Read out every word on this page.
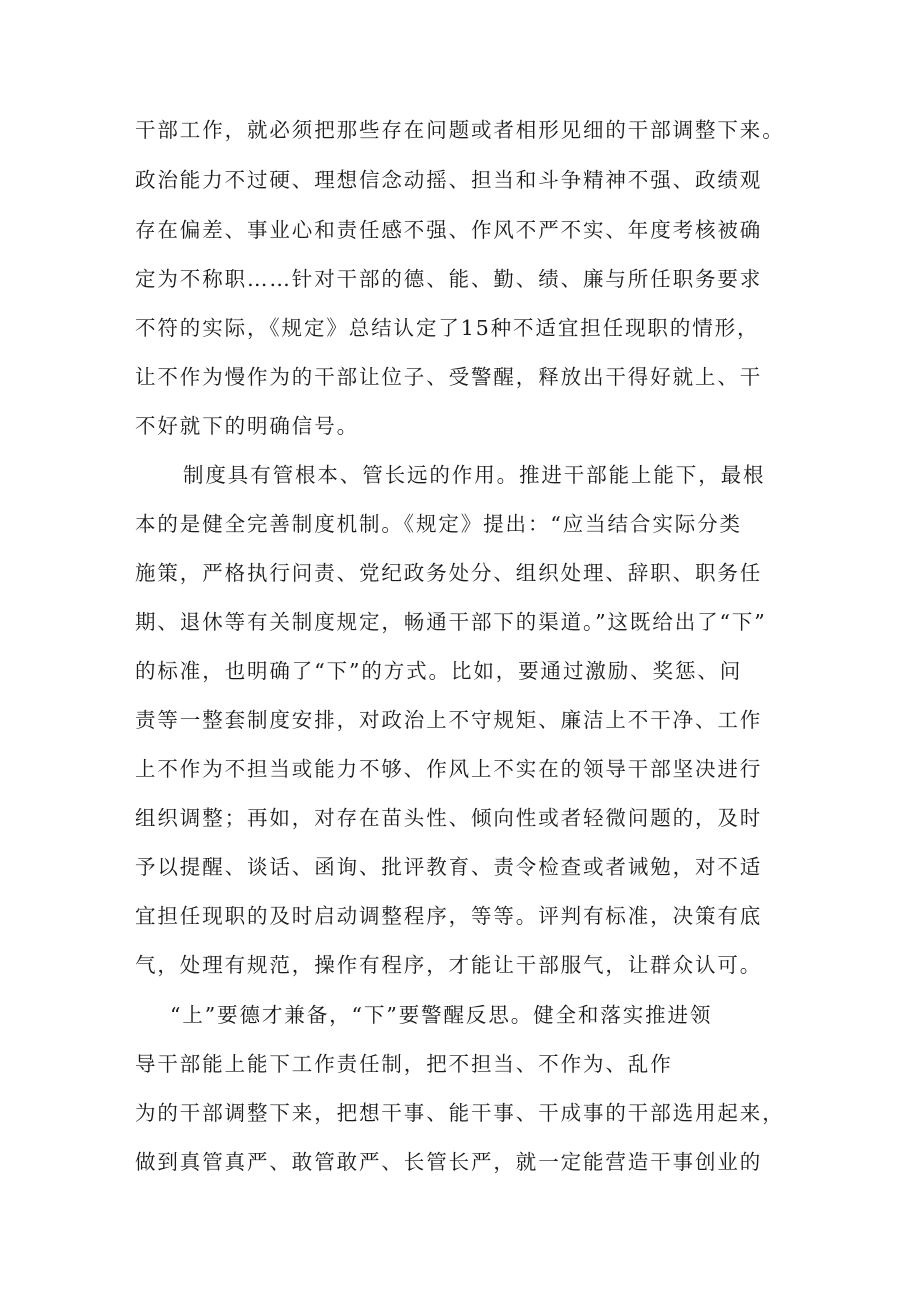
干部工作，就必须把那些存在问题或者相形见细的干部调整下来。
政治能力不过硬、理想信念动摇、担当和斗争精神不强、政绩观
存在偏差、事业心和责任感不强、作风不严不实、年度考核被确
定为不称职……针对干部的德、能、勤、绩、廉与所任职务要求
不符的实际，《规定》总结认定了15种不适宜担任现职的情形，
让不作为慢作为的干部让位子、受警醒，释放出干得好就上、干
不好就下的明确信号。
制度具有管根本、管长远的作用。推进干部能上能下，最根
本的是健全完善制度机制。《规定》提出：“应当结合实际分类
施策，严格执行问责、党纪政务处分、组织处理、辞职、职务任
期、退休等有关制度规定，畅通干部下的渠道。”这既给出了“下”
的标准，也明确了“下”的方式。比如，要通过激励、奖惩、问
责等一整套制度安排，对政治上不守规矩、廉洁上不干净、工作
上不作为不担当或能力不够、作风上不实在的领导干部坚决进行
组织调整；再如，对存在苗头性、倾向性或者轻微问题的，及时
予以提醒、谈话、函询、批评教育、责令检查或者诫勉，对不适
宜担任现职的及时启动调整程序，等等。评判有标准，决策有底
气，处理有规范，操作有程序，才能让干部服气，让群众认可。
“上”要德才兼备，“下”要警醒反思。健全和落实推进领
导干部能上能下工作责任制，把不担当、不作为、乱作
为的干部调整下来，把想干事、能干事、干成事的干部选用起来，
做到真管真严、敢管敢严、长管长严，就一定能营造干事创业的
